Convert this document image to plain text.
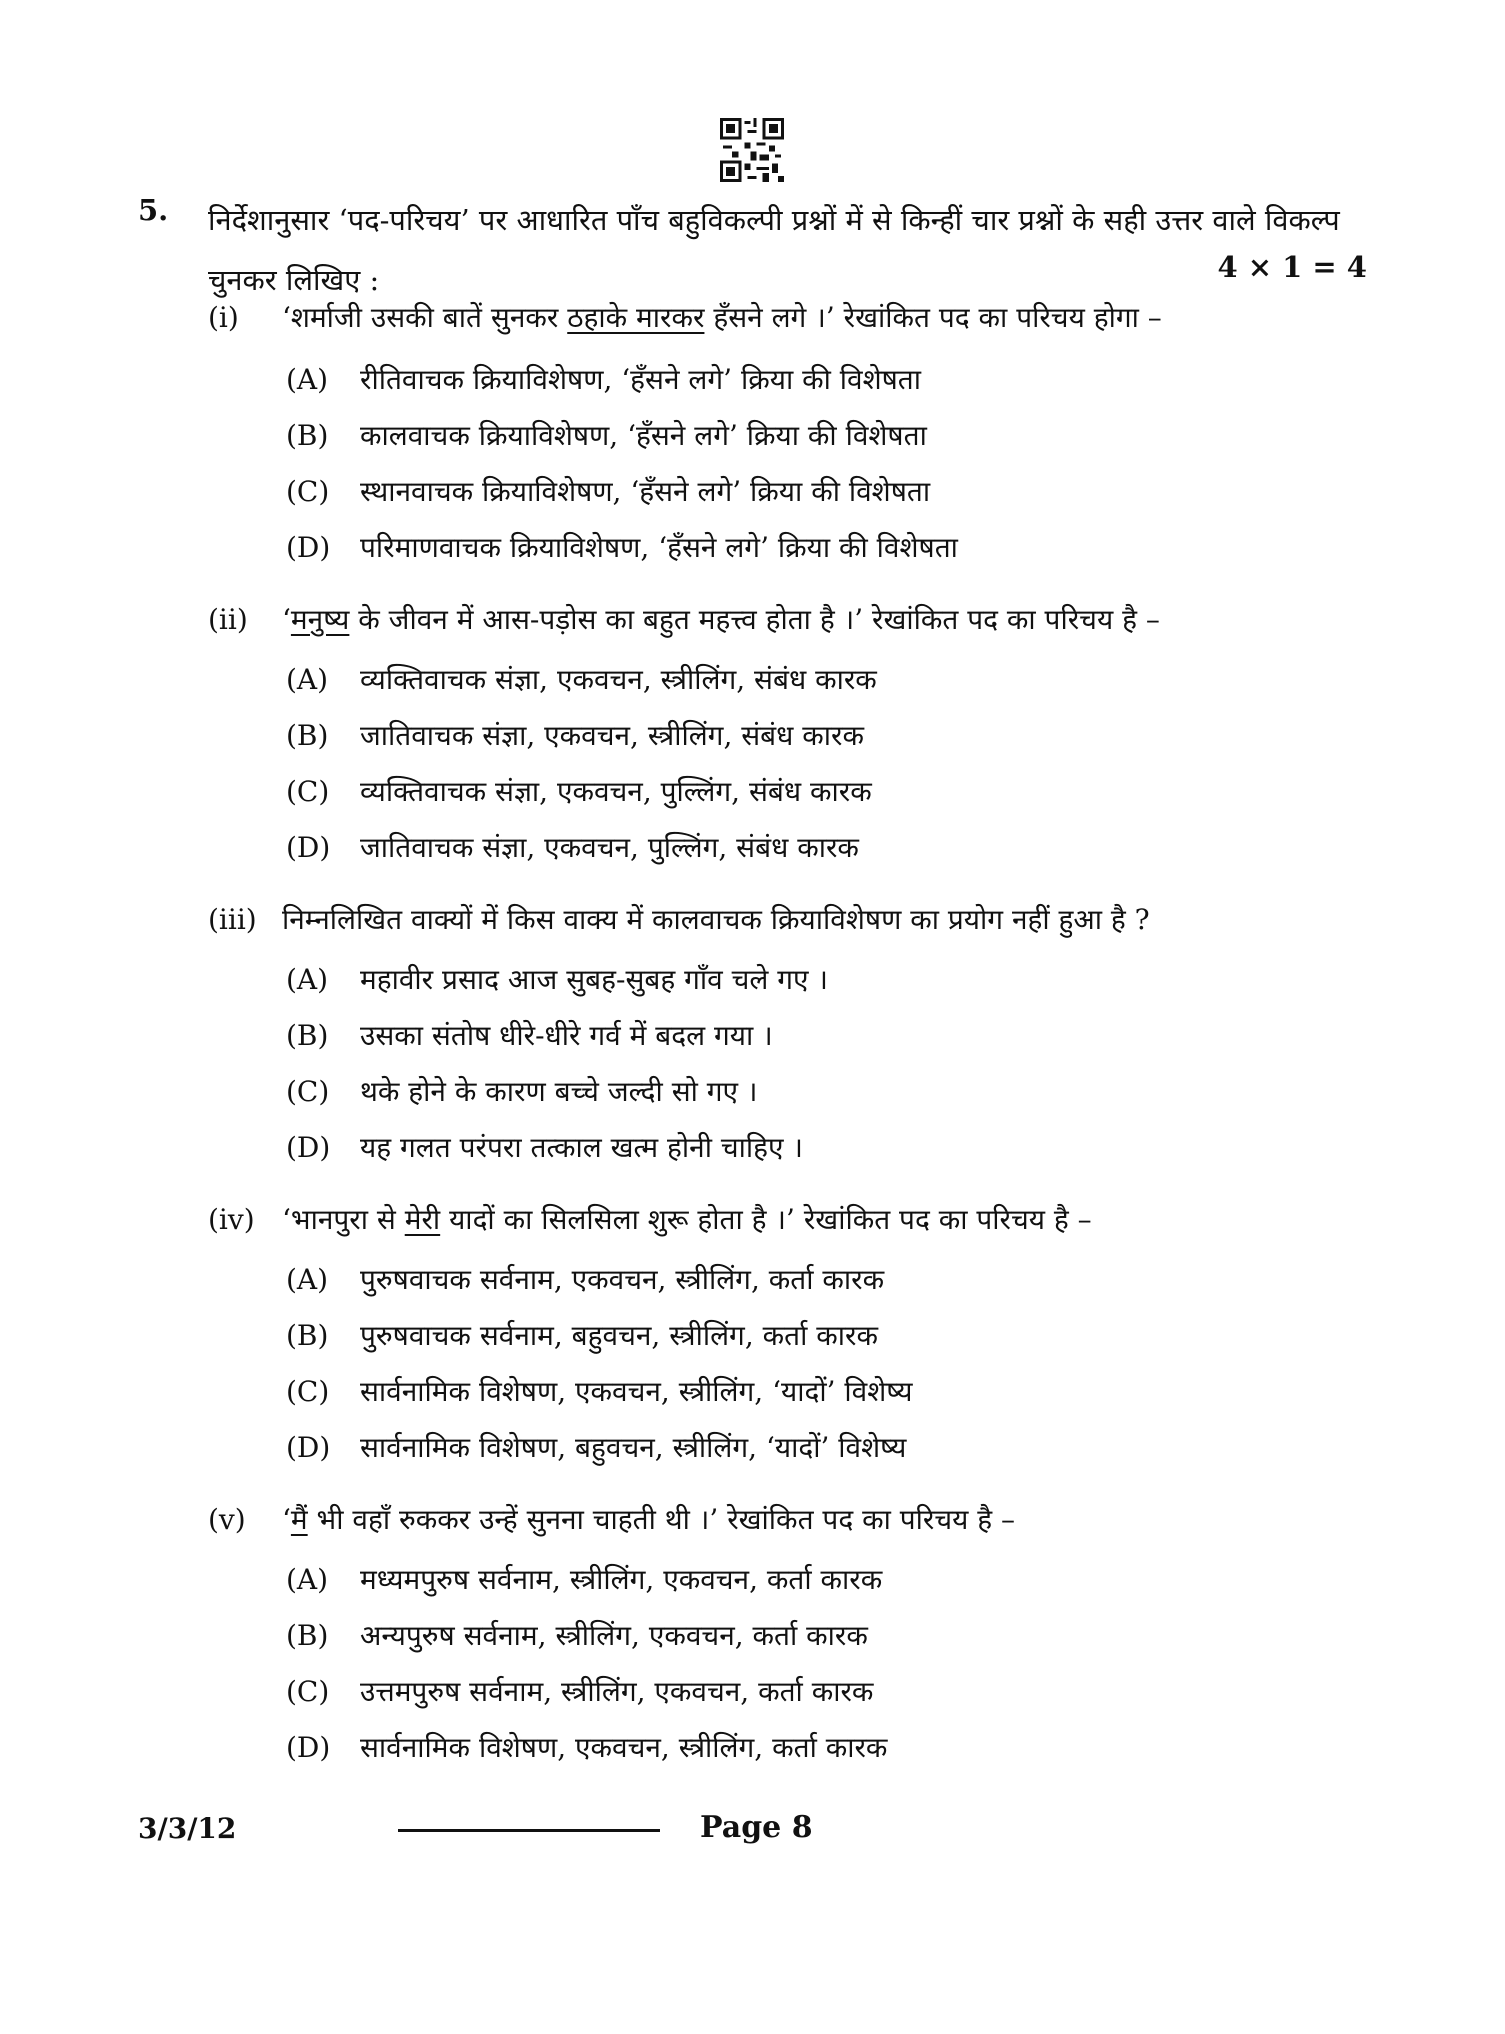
5. निर्देशानुसार ‘पद-परिचय’ पर आधारित पाँच बहुविकल्पी प्रश्नों में से किन्हीं चार प्रश्नों के सही उत्तर वाले विकल्प चुनकर लिखिए :	4 × 1 = 4
(i) ‘शर्माजी उसकी बातें सुनकर ठहाके मारकर हँसने लगे ।’ रेखांकित पद का परिचय होगा –
(A) रीतिवाचक क्रियाविशेषण, ‘हँसने लगे’ क्रिया की विशेषता
(B) कालवाचक क्रियाविशेषण, ‘हँसने लगे’ क्रिया की विशेषता
(C) स्थानवाचक क्रियाविशेषण, ‘हँसने लगे’ क्रिया की विशेषता
(D) परिमाणवाचक क्रियाविशेषण, ‘हँसने लगे’ क्रिया की विशेषता
(ii) ‘मनुष्य के जीवन में आस-पड़ोस का बहुत महत्त्व होता है ।’ रेखांकित पद का परिचय है –
(A) व्यक्तिवाचक संज्ञा, एकवचन, स्त्रीलिंग, संबंध कारक
(B) जातिवाचक संज्ञा, एकवचन, स्त्रीलिंग, संबंध कारक
(C) व्यक्तिवाचक संज्ञा, एकवचन, पुल्लिंग, संबंध कारक
(D) जातिवाचक संज्ञा, एकवचन, पुल्लिंग, संबंध कारक
(iii) निम्नलिखित वाक्यों में किस वाक्य में कालवाचक क्रियाविशेषण का प्रयोग नहीं हुआ है ?
(A) महावीर प्रसाद आज सुबह-सुबह गाँव चले गए ।
(B) उसका संतोष धीरे-धीरे गर्व में बदल गया ।
(C) थके होने के कारण बच्चे जल्दी सो गए ।
(D) यह गलत परंपरा तत्काल खत्म होनी चाहिए ।
(iv) ‘भानपुरा से मेरी यादों का सिलसिला शुरू होता है ।’ रेखांकित पद का परिचय है –
(A) पुरुषवाचक सर्वनाम, एकवचन, स्त्रीलिंग, कर्ता कारक
(B) पुरुषवाचक सर्वनाम, बहुवचन, स्त्रीलिंग, कर्ता कारक
(C) सार्वनामिक विशेषण, एकवचन, स्त्रीलिंग, ‘यादों’ विशेष्य
(D) सार्वनामिक विशेषण, बहुवचन, स्त्रीलिंग, ‘यादों’ विशेष्य
(v) ‘मैं भी वहाँ रुककर उन्हें सुनना चाहती थी ।’ रेखांकित पद का परिचय है –
(A) मध्यमपुरुष सर्वनाम, स्त्रीलिंग, एकवचन, कर्ता कारक
(B) अन्यपुरुष सर्वनाम, स्त्रीलिंग, एकवचन, कर्ता कारक
(C) उत्तमपुरुष सर्वनाम, स्त्रीलिंग, एकवचन, कर्ता कारक
(D) सार्वनामिक विशेषण, एकवचन, स्त्रीलिंग, कर्ता कारक
3/3/12	Page 8
